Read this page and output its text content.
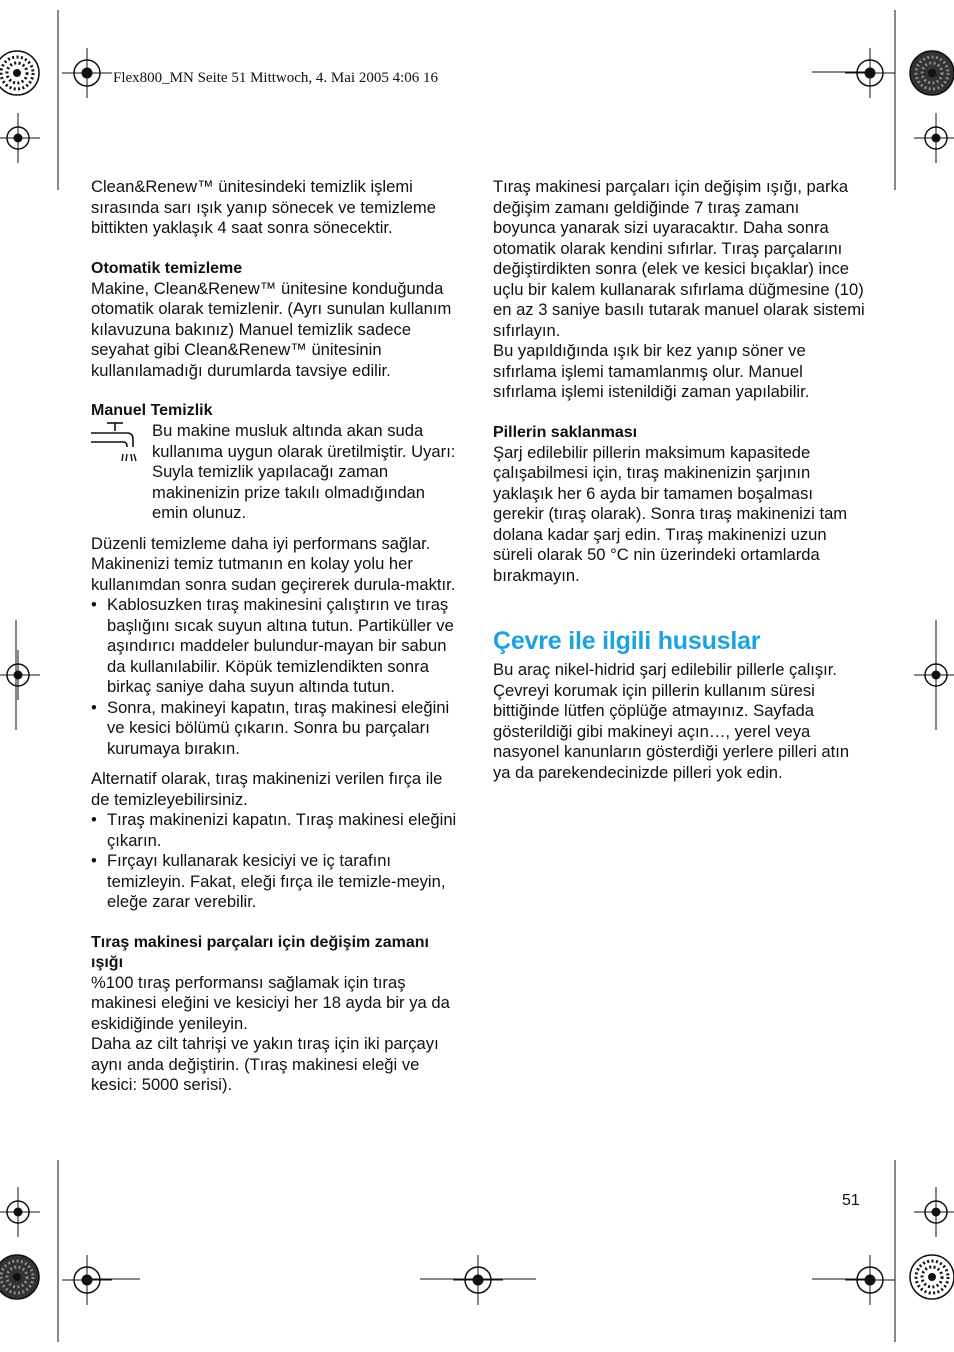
Flex800_MN Seite 51 Mittwoch, 4. Mai 2005 4:06 16

Clean&Renew™ ünitesindeki temizlik işlemi sırasında sarı ışık yanıp sönecek ve temizleme bittikten yaklaşık 4 saat sonra sönecektir.

Otomatik temizleme

Makine, Clean&Renew™ ünitesine konduğunda otomatik olarak temizlenir. (Ayrı sunulan kullanım kılavuzuna bakınız) Manuel temizlik sadece seyahat gibi Clean&Renew™ ünitesinin kullanılamadığı durumlarda tavsiye edilir.

Manuel Temizlik

Bu makine musluk altında akan suda kullanıma uygun olarak üretilmiştir. Uyarı: Suyla temizlik yapılacağı zaman makinenizin prize takılı olmadığından emin olunuz.

Düzenli temizleme daha iyi performans sağlar. Makinenizi temiz tutmanın en kolay yolu her kullanımdan sonra sudan geçirerek durula-maktır.

• Kablosuzken tıraş makinesini çalıştırın ve tıraş başlığını sıcak suyun altına tutun. Partiküller ve aşındırıcı maddeler bulundur-mayan bir sabun da kullanılabilir. Köpük temizlendikten sonra birkaç saniye daha suyun altında tutun.
• Sonra, makineyi kapatın, tıraş makinesi eleğini ve kesici bölümü çıkarın. Sonra bu parçaları kurumaya bırakın.

Alternatif olarak, tıraş makinenizi verilen fırça ile de temizleyebilirsiniz.

• Tıraş makinenizi kapatın. Tıraş makinesi eleğini çıkarın.
• Fırçayı kullanarak kesiciyi ve iç tarafını temizleyin. Fakat, eleği fırça ile temizle-meyin, eleğe zarar verebilir.
Tıraş makinesi parçaları için değişim zamanı ışığı

%100 tıraş performansı sağlamak için tıraş makinesi eleğini ve kesiciyi her 18 ayda bir ya da eskidiğinde yenileyin.

Daha az cilt tahrişi ve yakın tıraş için iki parçayı aynı anda değiştirin. (Tıraş makinesi eleği ve kesici: 5000 serisi).

Tıraş makinesi parçaları için değişim ışığı, parka değişim zamanı geldiğinde 7 tıraş zamanı boyunca yanarak sizi uyaracaktır. Daha sonra otomatik olarak kendini sıfırlar. Tıraş parçalarını değiştirdikten sonra (elek ve kesici bıçaklar) ince uçlu bir kalem kullanarak sıfırlama düğmesine (10) en az 3 saniye basılı tutarak manuel olarak sistemi sıfırlayın.

Bu yapıldığında ışık bir kez yanıp söner ve sıfırlama işlemi tamamlanmış olur. Manuel sıfırlama işlemi istenildiği zaman yapılabilir.

Pillerin saklanması

Şarj edilebilir pillerin maksimum kapasitede çalışabilmesi için, tıraş makinenizin şarjının yaklaşık her 6 ayda bir tamamen boşalması gerekir (tıraş olarak). Sonra tıraş makinenizi tam dolana kadar şarj edin. Tıraş makinenizi uzun süreli olarak 50 °C nin üzerindeki ortamlarda bırakmayın.

Çevre ile ilgili hususlar

Bu araç nikel-hidrid şarj edilebilir pillerle çalışır. Çevreyi korumak için pillerin kullanım süresi bittiğinde lütfen çöplüğe atmayınız. Sayfada gösterildiği gibi makineyi açın…, yerel veya nasyonel kanunların gösterdiği yerlere pilleri atın ya da parekendecinizde pilleri yok edin.

51
